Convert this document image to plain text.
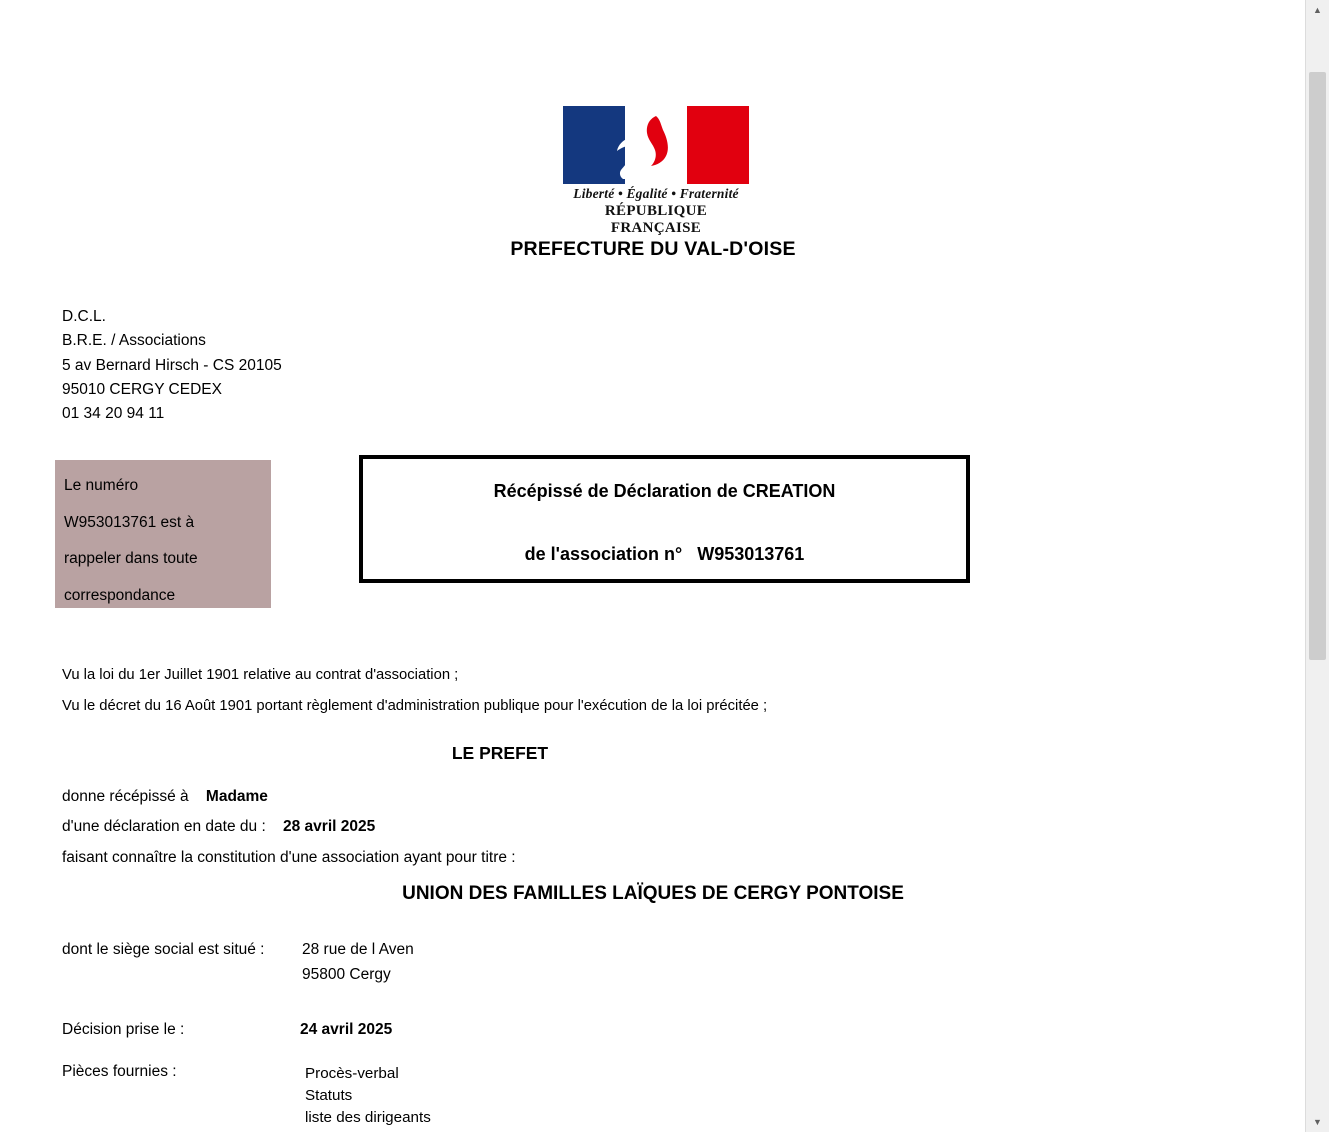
Liberté • Égalité • Fraternité
RÉPUBLIQUE FRANÇAISE
PREFECTURE DU VAL-D'OISE
D.C.L.
B.R.E. / Associations
5 av Bernard Hirsch - CS 20105
95010 CERGY CEDEX
01 34 20 94 11
Le numéro
W953013761 est à
rappeler dans toute
correspondance
Récépissé de Déclaration de CREATION
de l'association n° W953013761
Vu la loi du 1er Juillet 1901 relative au contrat d'association ;
Vu le décret du 16 Août 1901 portant règlement d'administration publique pour l'exécution de la loi précitée ;
LE PREFET
donne récépissé à Madame
d'une déclaration en date du : 28 avril 2025
faisant connaître la constitution d'une association ayant pour titre :
UNION DES FAMILLES LAÏQUES DE CERGY PONTOISE
dont le siège social est situé : 28 rue de l Aven
95800 Cergy
Décision prise le :	24 avril 2025
Pièces fournies :	Procès-verbal
Statuts
liste des dirigeants
▲
▼
